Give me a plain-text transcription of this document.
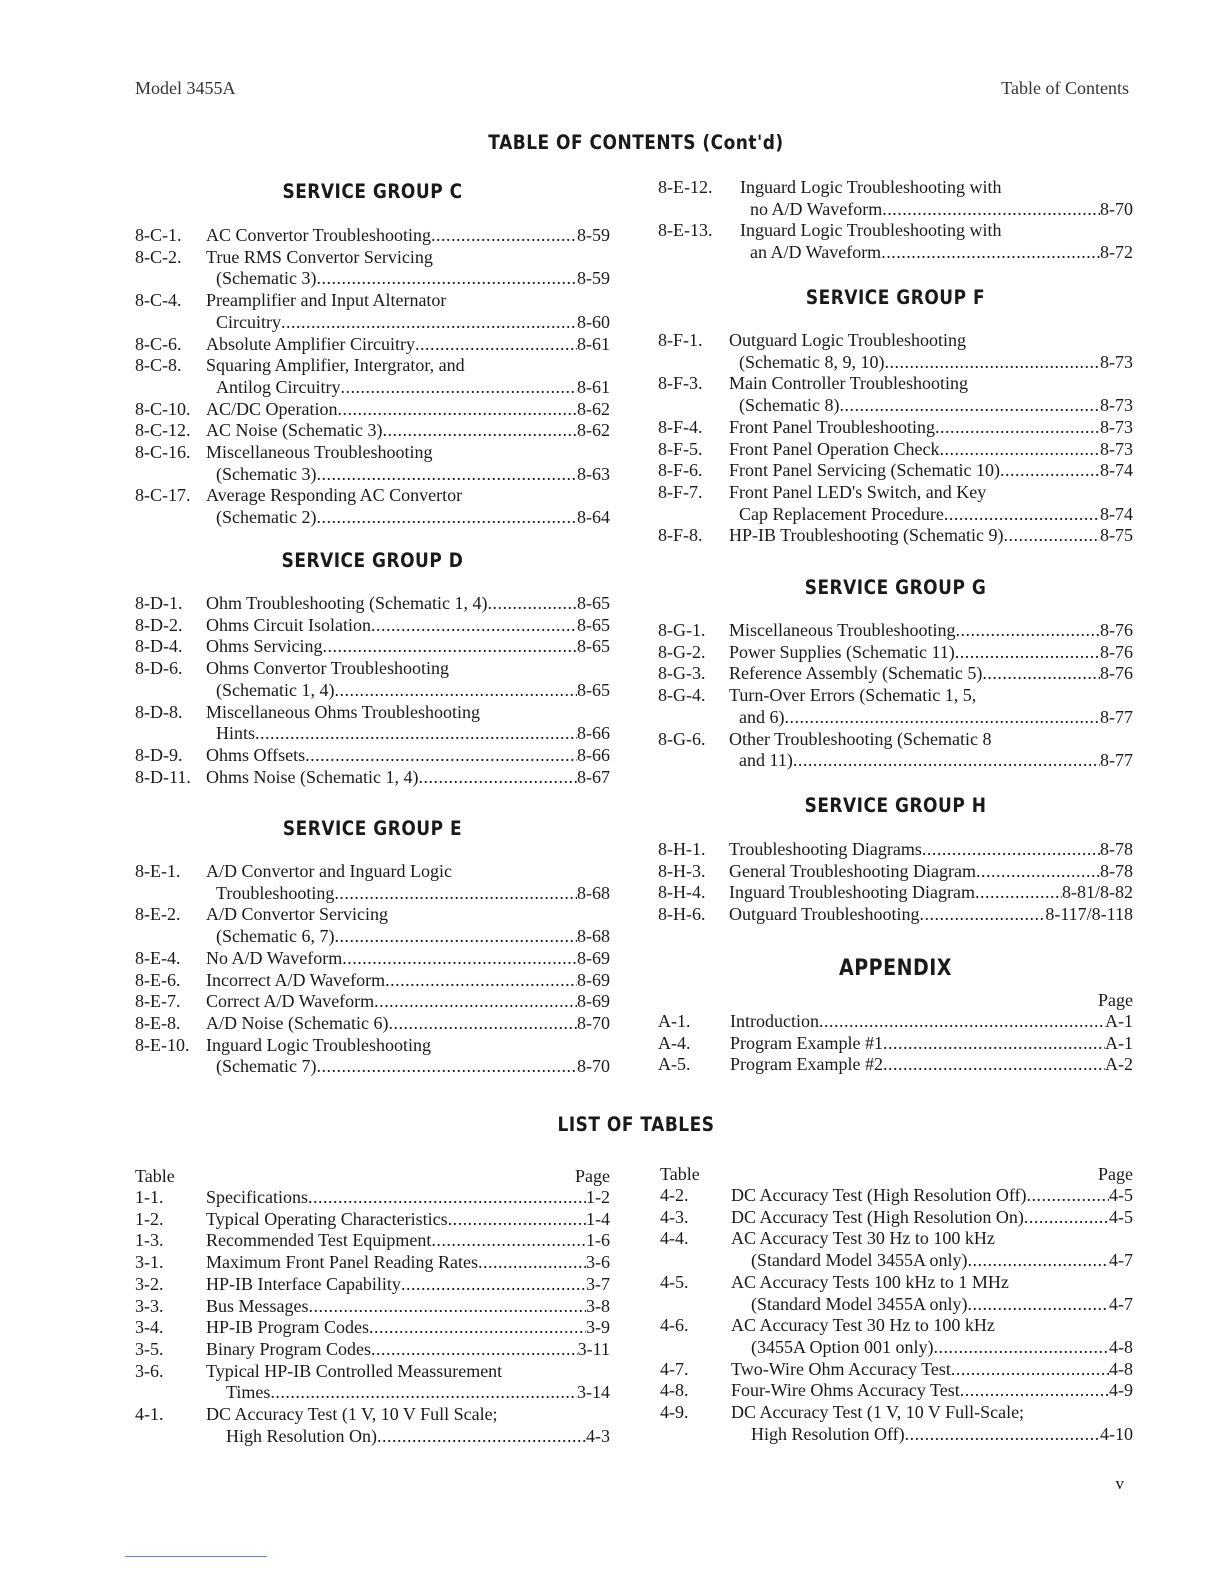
Model 3455A	Table of Contents
TABLE OF CONTENTS (Cont'd)
SERVICE GROUP C
8-C-1.	AC Convertor Troubleshooting . . .	8-59
8-C-2.	True RMS Convertor Servicing
(Schematic 3) . . .	8-59
8-C-4.	Preamplifier and Input Alternator
Circuitry . . .	8-60
8-C-6.	Absolute Amplifier Circuitry . . .	8-61
8-C-8.	Squaring Amplifier, Intergrator, and
Antilog Circuitry . . .	8-61
8-C-10. AC/DC Operation . . .	8-62
8-C-12. AC Noise (Schematic 3) . . .	8-62
8-C-16. Miscellaneous Troubleshooting
(Schematic 3) . . .	8-63
8-C-17. Average Responding AC Convertor
(Schematic 2) . . .	8-64
SERVICE GROUP D
8-D-1.	Ohm Troubleshooting (Schematic 1, 4) . . .	8-65
8-D-2.	Ohms Circuit Isolation . . .	8-65
8-D-4.	Ohms Servicing . . .	8-65
8-D-6.	Ohms Convertor Troubleshooting
(Schematic 1, 4) . . .	8-65
8-D-8.	Miscellaneous Ohms Troubleshooting
Hints . . .	8-66
8-D-9.	Ohms Offsets . . .	8-66
8-D-11. Ohms Noise (Schematic 1, 4) . . .	8-67
SERVICE GROUP E
8-E-1.	A/D Convertor and Inguard Logic
Troubleshooting . . .	8-68
8-E-2.	A/D Convertor Servicing
(Schematic 6, 7) . . .	8-68
8-E-4.	No A/D Waveform . . .	8-69
8-E-6.	Incorrect A/D Waveform . . .	8-69
8-E-7.	Correct A/D Waveform . . .	8-69
8-E-8.	A/D Noise (Schematic 6) . . .	8-70
8-E-10. Inguard Logic Troubleshooting
(Schematic 7) . . .	8-70
8-E-12.	Inguard Logic Troubleshooting with
no A/D Waveform . . .	8-70
8-E-13.	Inguard Logic Troubleshooting with
an A/D Waveform . . .	8-72
SERVICE GROUP F
8-F-1.	Outguard Logic Troubleshooting
(Schematic 8, 9, 10) . . .	8-73
8-F-3.	Main Controller Troubleshooting
(Schematic 8) . . .	8-73
8-F-4.	Front Panel Troubleshooting . . .	8-73
8-F-5.	Front Panel Operation Check . . .	8-73
8-F-6.	Front Panel Servicing (Schematic 10) . . .	8-74
8-F-7.	Front Panel LED's Switch, and Key
Cap Replacement Procedure . . .	8-74
8-F-8.	HP-IB Troubleshooting (Schematic 9) . . .	8-75
SERVICE GROUP G
8-G-1.	Miscellaneous Troubleshooting . . .	8-76
8-G-2.	Power Supplies (Schematic 11) . . .	8-76
8-G-3.	Reference Assembly (Schematic 5) . . .	8-76
8-G-4.	Turn-Over Errors (Schematic 1, 5,
and 6) . . .	8-77
8-G-6.	Other Troubleshooting (Schematic 8
and 11) . . .	8-77
SERVICE GROUP H
8-H-1.	Troubleshooting Diagrams . . .	8-78
8-H-3.	General Troubleshooting Diagram . . .	8-78
8-H-4.	Inguard Troubleshooting Diagram . . .	8-81/8-82
8-H-6.	Outguard Troubleshooting . . .	8-117/8-118
APPENDIX
Page
A-1.	Introduction . . .	A-1
A-4.	Program Example #1 . . .	A-1
A-5.	Program Example #2 . . .	A-2
LIST OF TABLES
Table	Page
1-1.	Specifications . . .	1-2
1-2.	Typical Operating Characteristics . . .	1-4
1-3.	Recommended Test Equipment . . .	1-6
3-1.	Maximum Front Panel Reading Rates . . .	3-6
3-2.	HP-IB Interface Capability . . .	3-7
3-3.	Bus Messages . . .	3-8
3-4.	HP-IB Program Codes . . .	3-9
3-5.	Binary Program Codes . . .	3-11
3-6.	Typical HP-IB Controlled Meassurement
Times . . .	3-14
4-1.	DC Accuracy Test (1 V, 10 V Full Scale;
High Resolution On) . . .	4-3
Table	Page
4-2.	DC Accuracy Test (High Resolution Off) . . .	4-5
4-3.	DC Accuracy Test (High Resolution On) . . .	4-5
4-4.	AC Accuracy Test 30 Hz to 100 kHz
(Standard Model 3455A only) . . .	4-7
4-5.	AC Accuracy Tests 100 kHz to 1 MHz
(Standard Model 3455A only) . . .	4-7
4-6.	AC Accuracy Test 30 Hz to 100 kHz
(3455A Option 001 only) . . .	4-8
4-7.	Two-Wire Ohm Accuracy Test . . .	4-8
4-8.	Four-Wire Ohms Accuracy Test . . .	4-9
4-9.	DC Accuracy Test (1 V, 10 V Full-Scale;
High Resolution Off) . . .	4-10
v
